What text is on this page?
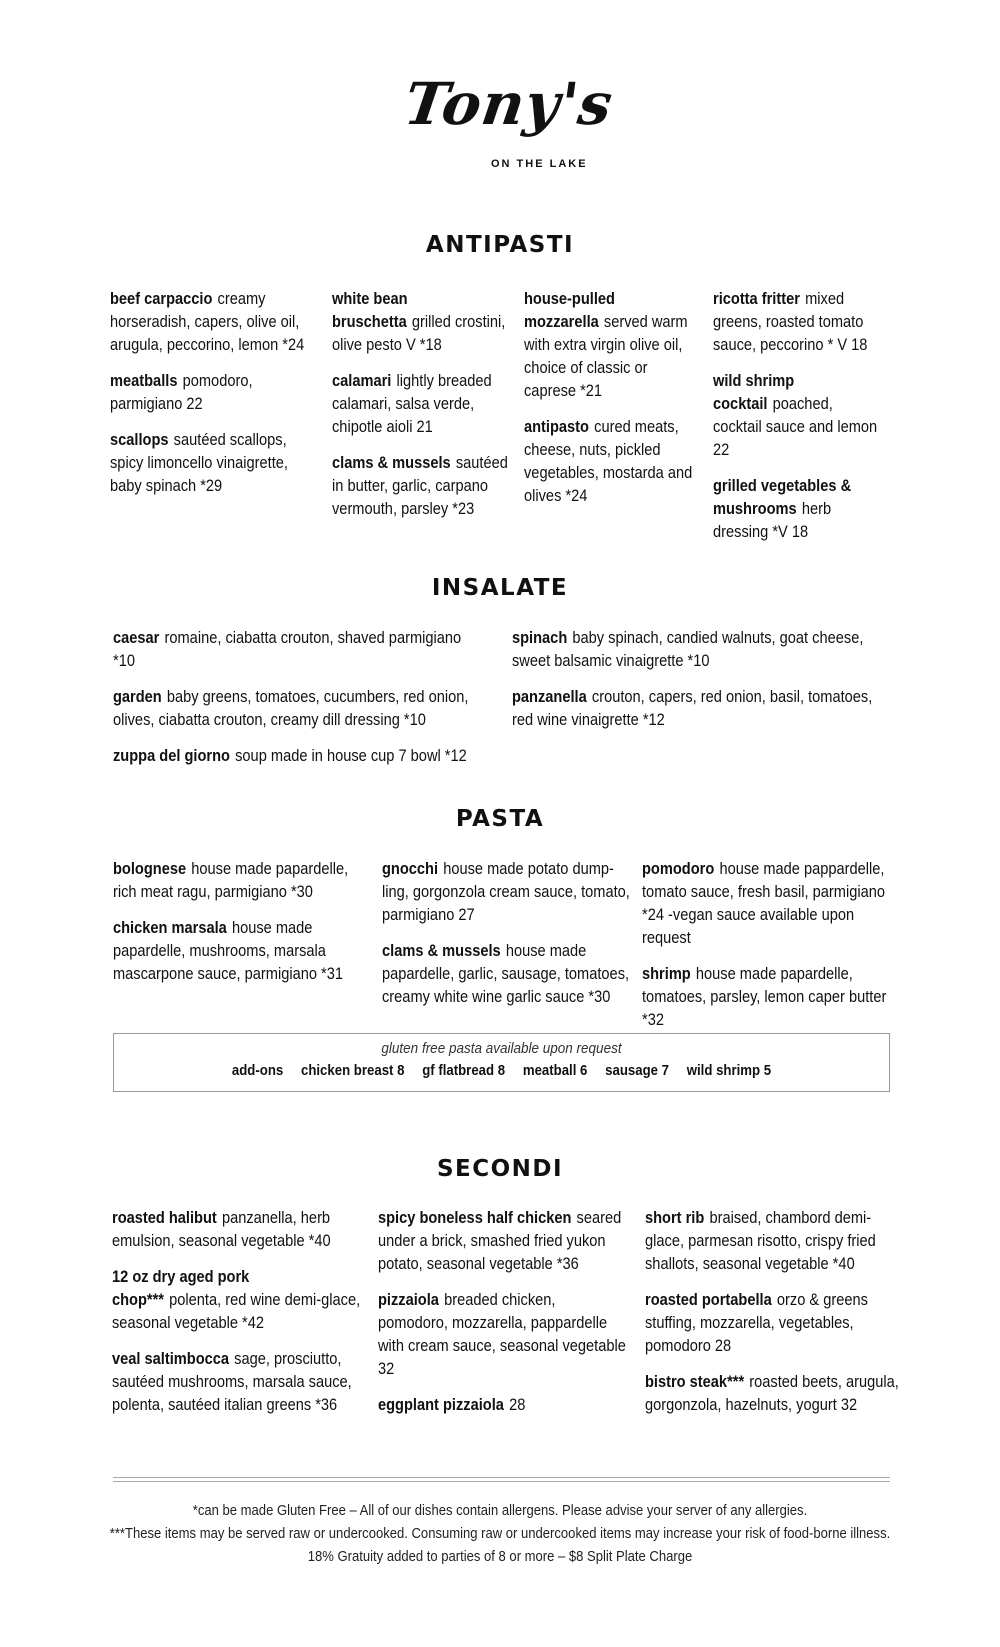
Tony's
ON THE LAKE
ANTIPASTI

beef carpaccio creamy horseradish, capers, olive oil, arugula, peccorino, lemon *24

meatballs pomodoro, parmigiano 22

scallops sautéed scallops, spicy limoncello vinaigrette, baby spinach *29

white bean bruschetta grilled crostini, olive pesto V *18

calamari lightly breaded calamari, salsa verde, chipotle aioli 21

clams & mussels sautéed in butter, garlic, carpano vermouth, parsley *23

house-pulled mozzarella served warm with extra virgin olive oil, choice of classic or caprese *21

antipasto cured meats, cheese, nuts, pickled vegetables, mostarda and olives *24

ricotta fritter mixed greens, roasted tomato sauce, peccorino * V 18

wild shrimp cocktail poached, cocktail sauce and lemon 22

grilled vegetables & mushrooms herb dressing *V 18

INSALATE

caesar romaine, ciabatta crouton, shaved parmigiano *10

garden baby greens, tomatoes, cucumbers, red onion, olives, ciabatta crouton, creamy dill dressing *10

zuppa del giorno soup made in house cup 7 bowl *12

spinach baby spinach, candied walnuts, goat cheese, sweet balsamic vinaigrette *10

panzanella crouton, capers, red onion, basil, tomatoes, red wine vinaigrette *12

PASTA

bolognese house made papardelle, rich meat ragu, parmigiano *30

chicken marsala house made papardelle, mushrooms, marsala mascarpone sauce, parmigiano *31

gnocchi house made potato dump-ling, gorgonzola cream sauce, tomato, parmigiano 27

clams & mussels house made papardelle, garlic, sausage, tomatoes, creamy white wine garlic sauce *30

pomodoro house made pappardelle, tomato sauce, fresh basil, parmigiano *24 -vegan sauce available upon request

shrimp house made papardelle, tomatoes, parsley, lemon caper butter *32

gluten free pasta available upon request
add-ons chicken breast 8 gf flatbread 8 meatball 6 sausage 7 wild shrimp 5
SECONDI

roasted halibut panzanella, herb emulsion, seasonal vegetable *40

12 oz dry aged pork chop*** polenta, red wine demi-glace, seasonal vegetable *42

veal saltimbocca sage, prosciutto, sautéed mushrooms, marsala sauce, polenta, sautéed italian greens *36

spicy boneless half chicken seared under a brick, smashed fried yukon potato, seasonal vegetable *36

pizzaiola breaded chicken, pomodoro, mozzarella, pappardelle with cream sauce, seasonal vegetable 32

eggplant pizzaiola 28

short rib braised, chambord demi-glace, parmesan risotto, crispy fried shallots, seasonal vegetable *40

roasted portabella orzo & greens stuffing, mozzarella, vegetables, pomodoro 28

bistro steak*** roasted beets, arugula, gorgonzola, hazelnuts, yogurt 32

*can be made Gluten Free – All of our dishes contain allergens. Please advise your server of any allergies.
***These items may be served raw or undercooked. Consuming raw or undercooked items may increase your risk of food-borne illness.
18% Gratuity added to parties of 8 or more – $8 Split Plate Charge
